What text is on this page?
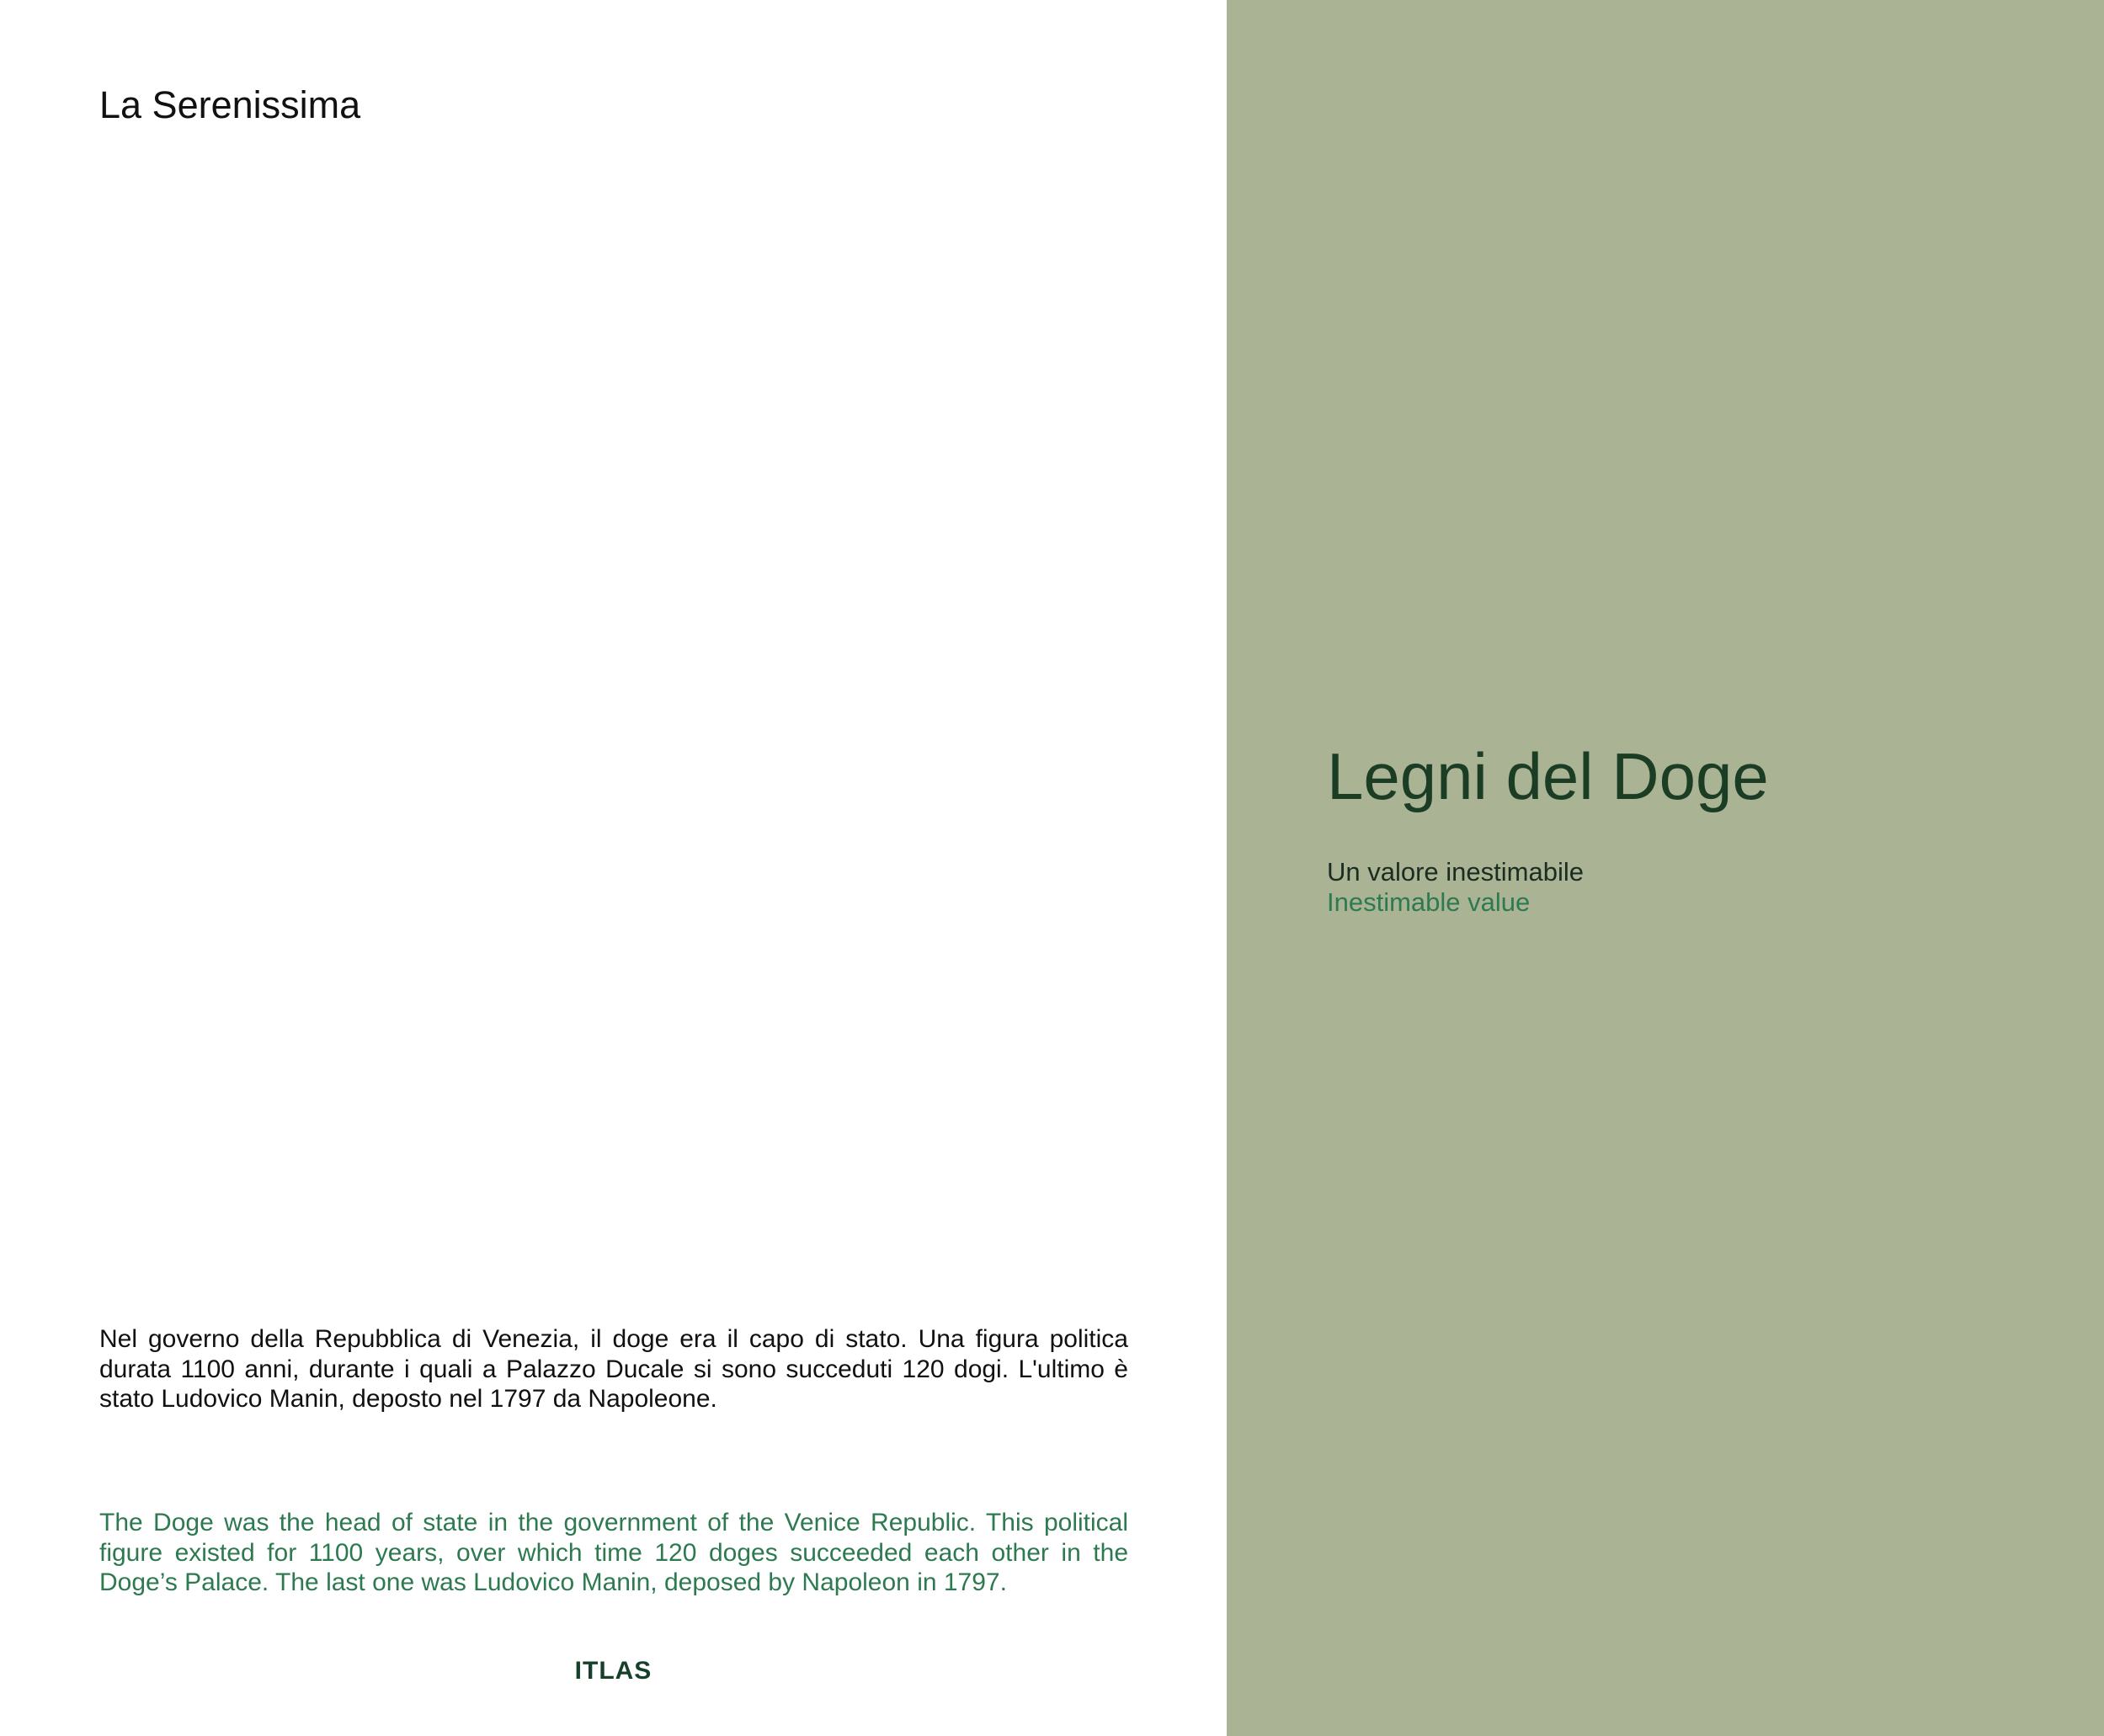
La Serenissima

Nel governo della Repubblica di Venezia, il doge era il capo di stato. Una figura politica durata 1100 anni, durante i quali a Palazzo Ducale si sono succeduti 120 dogi. L'ultimo è stato Ludovico Manin, deposto nel 1797 da Napoleone.

The Doge was the head of state in the government of the Venice Republic. This political figure existed for 1100 years, over which time 120 doges succeeded each other in the Doge’s Palace. The last one was Ludovico Manin, deposed by Napoleon in 1797.

ITLAS
Legni del Doge
Un valore inestimabile
Inestimable value
